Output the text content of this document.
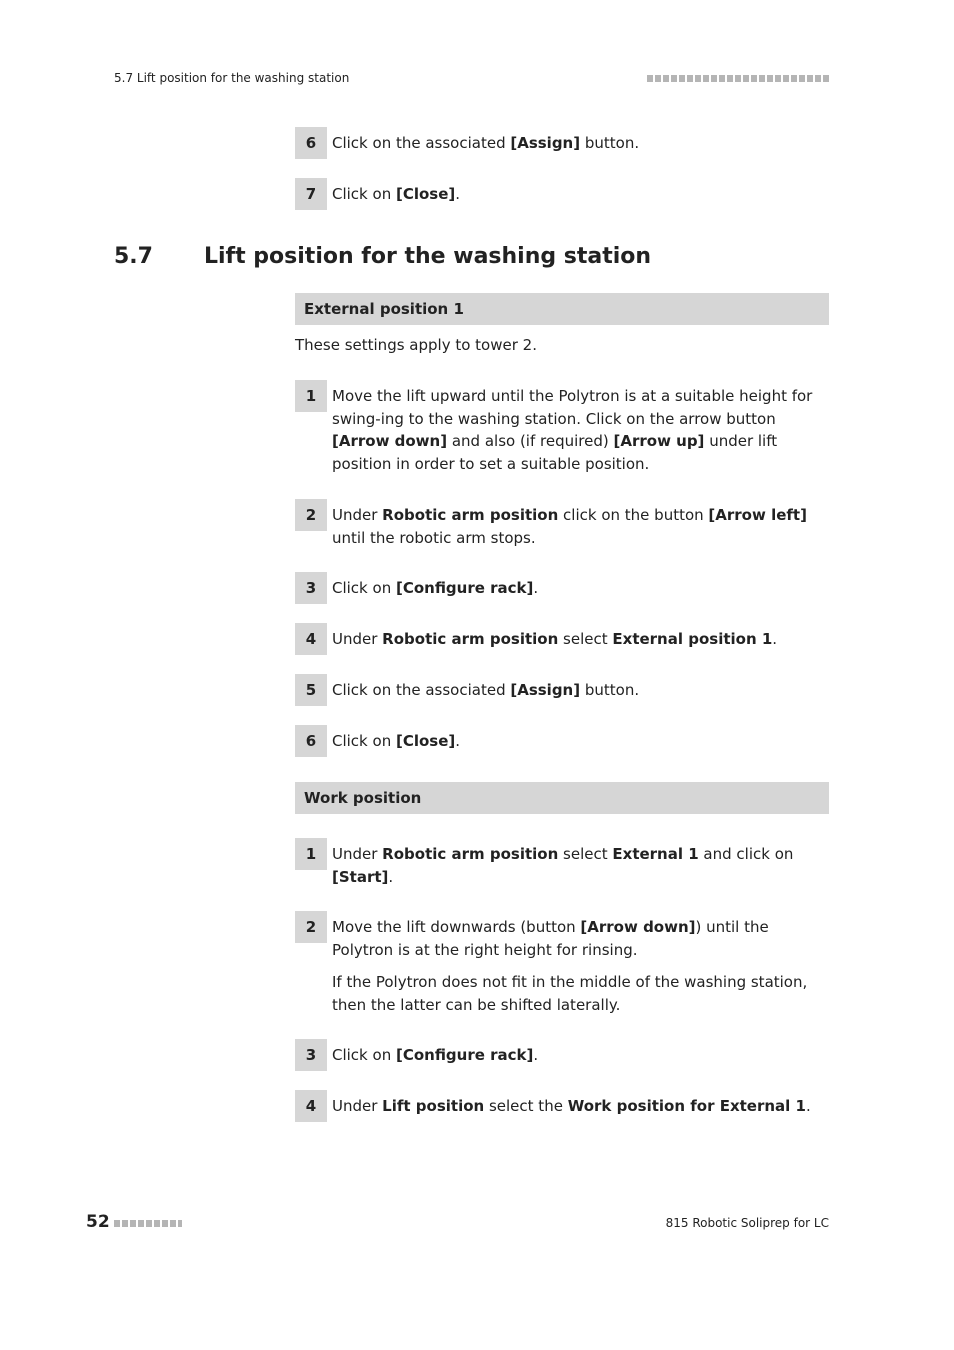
5.7 Lift position for the washing station
6	Click on the associated [Assign] button.
7	Click on [Close].
5.7 Lift position for the washing station
External position 1
These settings apply to tower 2.
1	Move the lift upward until the Polytron is at a suitable height for swing-ing to the washing station. Click on the arrow button [Arrow down] and also (if required) [Arrow up] under lift position in order to set a suitable position.
2	Under Robotic arm position click on the button [Arrow left] until the robotic arm stops.
3	Click on [Configure rack].
4	Under Robotic arm position select External position 1.
5	Click on the associated [Assign] button.
6	Click on [Close].
Work position
1	Under Robotic arm position select External 1 and click on [Start].
2	Move the lift downwards (button [Arrow down]) until the Polytron is at the right height for rinsing.

If the Polytron does not fit in the middle of the washing station, then the latter can be shifted laterally.

3	Click on [Configure rack].
4	Under Lift position select the Work position for External 1.
52	815 Robotic Soliprep for LC
